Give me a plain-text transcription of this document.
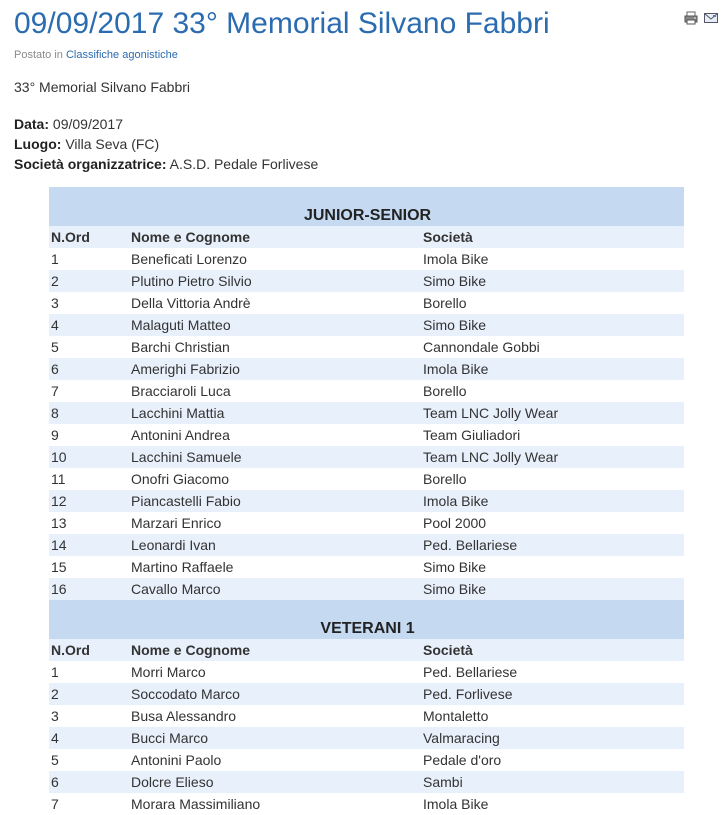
09/09/2017 33° Memorial Silvano Fabbri
Postato in Classifiche agonistiche
33° Memorial Silvano Fabbri
Data: 09/09/2017
Luogo: Villa Seva (FC)
Società organizzatrice: A.S.D. Pedale Forlivese
JUNIOR-SENIOR		
N.Ord	Nome e Cognome	Società
1	Beneficati Lorenzo	Imola Bike
2	Plutino Pietro Silvio	Simo Bike
3	Della Vittoria Andrè	Borello
4	Malaguti Matteo	Simo Bike
5	Barchi Christian	Cannondale Gobbi
6	Amerighi Fabrizio	Imola Bike
7	Bracciaroli Luca	Borello
8	Lacchini Mattia	Team LNC Jolly Wear
9	Antonini Andrea	Team Giuliadori
10	Lacchini Samuele	Team LNC Jolly Wear
11	Onofri Giacomo	Borello
12	Piancastelli Fabio	Imola Bike
13	Marzari Enrico	Pool 2000
14	Leonardi Ivan	Ped. Bellariese
15	Martino Raffaele	Simo Bike
16	Cavallo Marco	Simo Bike
VETERANI 1		
N.Ord	Nome e Cognome	Società
1	Morri Marco	Ped. Bellariese
2	Soccodato Marco	Ped. Forlivese
3	Busa Alessandro	Montaletto
4	Bucci Marco	Valmaracing
5	Antonini Paolo	Pedale d'oro
6	Dolcre Elieso	Sambi
7	Morara Massimiliano	Imola Bike
